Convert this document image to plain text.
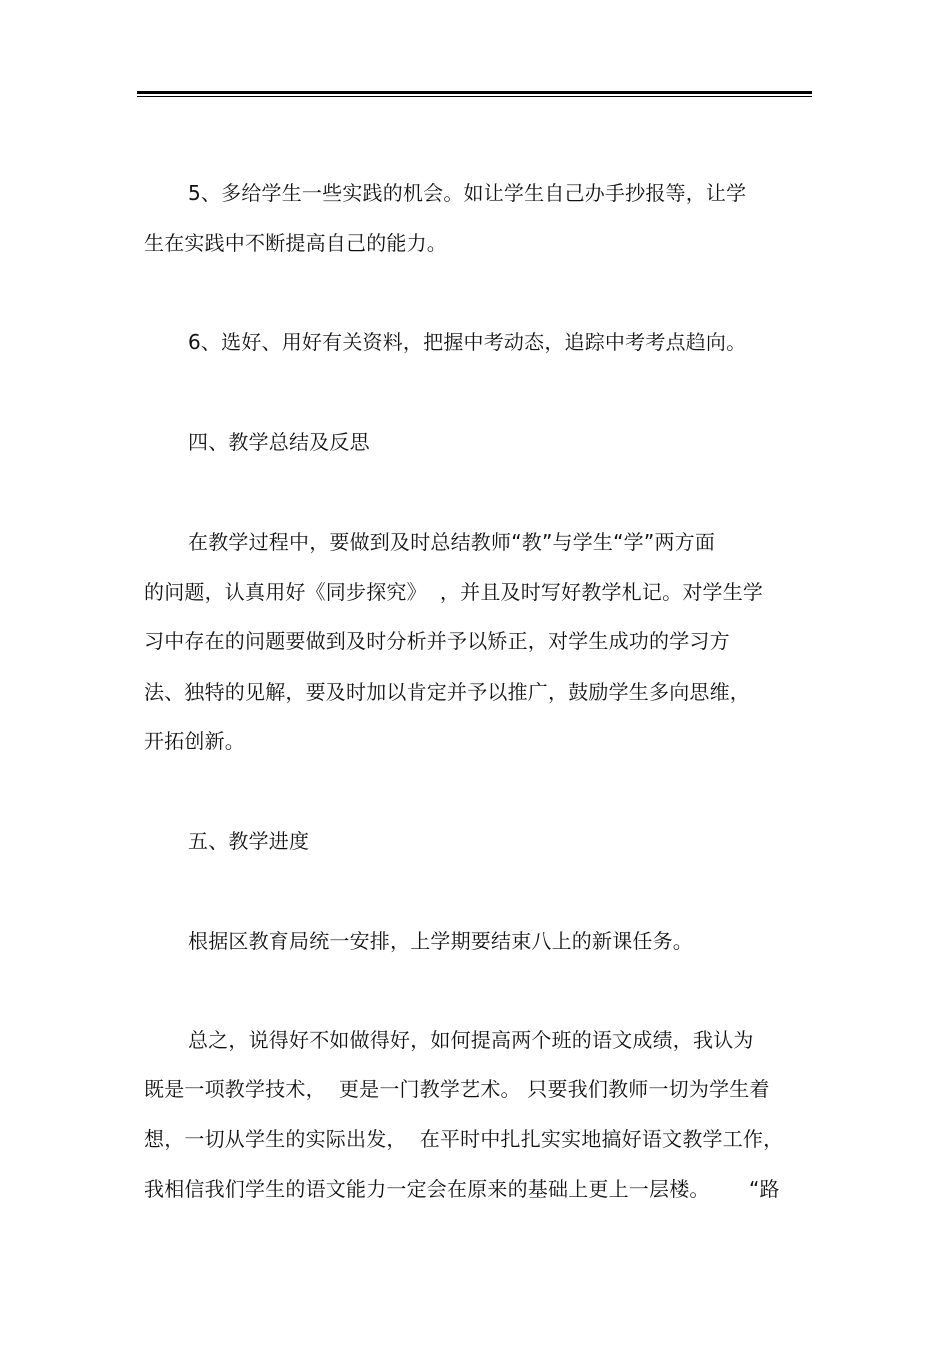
5、多给学生一些实践的机会。如让学生自己办手抄报等，让学
生在实践中不断提高自己的能力。
6、选好、用好有关资料，把握中考动态，追踪中考考点趋向。
四、教学总结及反思
在教学过程中，要做到及时总结教师“教”与学生“学”两方面
的问题，认真用好《同步探究》  ，并且及时写好教学札记。对学生学
习中存在的问题要做到及时分析并予以矫正，对学生成功的学习方
法、独特的见解，要及时加以肯定并予以推广，鼓励学生多向思维，
开拓创新。
五、教学进度
根据区教育局统一安排，上学期要结束八上的新课任务。
总之，说得好不如做得好，如何提高两个班的语文成绩，我认为
既是一项教学技术，  更是一门教学艺术。 只要我们教师一切为学生着
想，一切从学生的实际出发，  在平时中扎扎实实地搞好语文教学工作，
我相信我们学生的语文能力一定会在原来的基础上更上一层楼。      “路
